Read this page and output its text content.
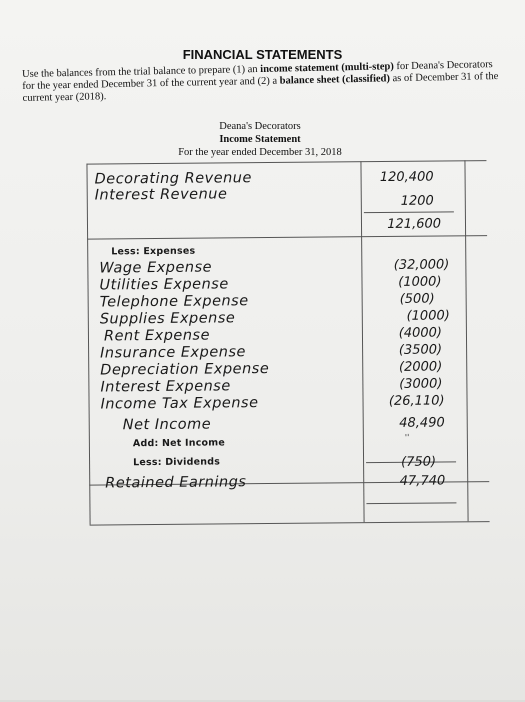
FINANCIAL STATEMENTS
Use the balances from the trial balance to prepare (1) an income statement (multi-step) for Deana's Decorators for the year ended December 31 of the current year and (2) a balance sheet (classified) as of December 31 of the current year (2018).
Deana's Decorators
Income Statement
For the year ended December 31, 2018
Decorating Revenue	120,400
Interest Revenue	1200
121,600
Less: Expenses
Wage Expense	(32,000)
Utilities Expense	(1000)
Telephone Expense	(500)
Supplies Expense	(1000)
Rent Expense	(4000)
Insurance Expense	(3500)
Depreciation Expense	(2000)
Interest Expense	(3000)
Income Tax Expense	(26,110)
Net Income	48,490
Add: Net Income
''
Less: Dividends	(750)
Retained Earnings	47,740
